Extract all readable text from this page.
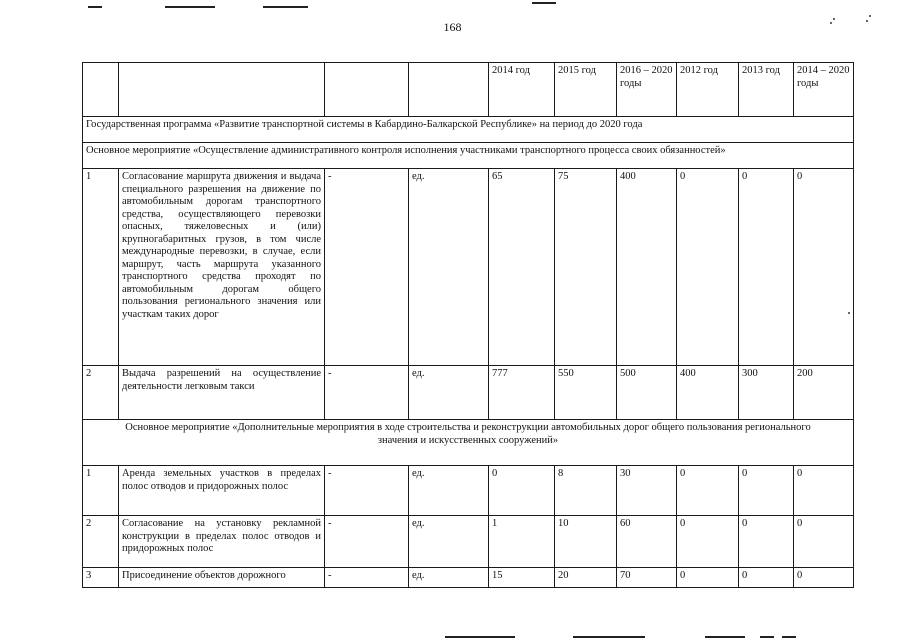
168
				2014 год	2015 год	2016 – 2020 годы	2012 год	2013 год	2014 – 2020 годы
Государственная программа «Развитие транспортной системы в Кабардино-Балкарской Республике» на период до 2020 года									
Основное мероприятие «Осуществление административного контроля исполнения участниками транспортного процесса своих обязанностей»									
1	Согласование маршрута движения и выдача специального разрешения на движение по автомобильным дорогам транспортного средства, осуществляющего перевозки опасных, тяжеловесных и (или) крупногабаритных грузов, в том числе международные перевозки, в случае, если маршрут, часть маршрута указанного транспортного средства проходят по автомобильным дорогам общего пользования регионального значения или участкам таких дорог	-	ед.	65	75	400	0	0	0
2	Выдача разрешений на осуществление деятельности легковым такси	-	ед.	777	550	500	400	300	200
Основное мероприятие «Дополнительные мероприятия в ходе строительства и реконструкции автомобильных дорог общего пользования регионального значения и искусственных сооружений»									
1	Аренда земельных участков в пределах полос отводов и придорожных полос	-	ед.	0	8	30	0	0	0
2	Согласование на установку рекламной конструкции в пределах полос отводов и придорожных полос	-	ед.	1	10	60	0	0	0
3	Присоединение объектов дорожного	-	ед.	15	20	70	0	0	0
